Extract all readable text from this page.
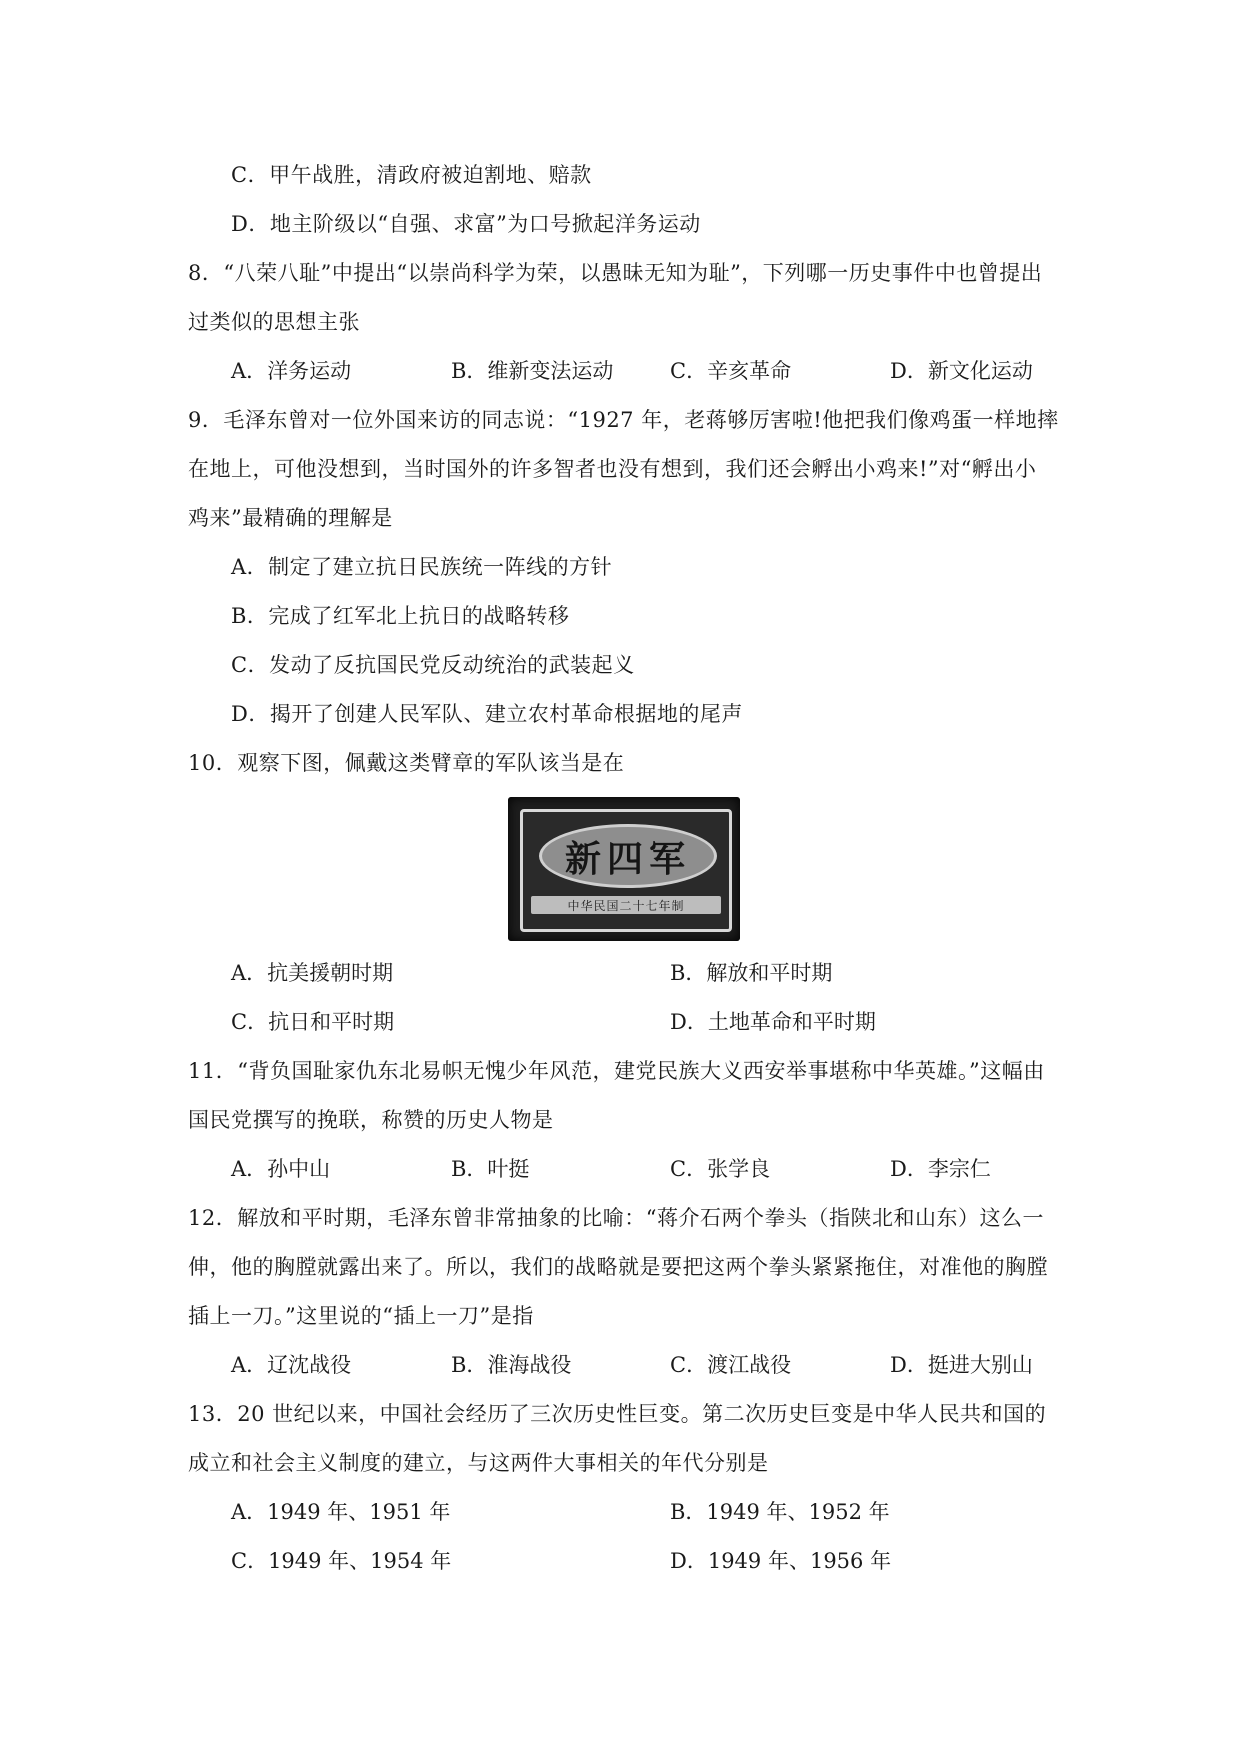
C．甲午战胜，清政府被迫割地、赔款
D．地主阶级以“自强、求富”为口号掀起洋务运动
8．“八荣八耻”中提出“以崇尚科学为荣，以愚昧无知为耻”，下列哪一历史事件中也曾提出
过类似的思想主张
A．洋务运动	B．维新变法运动	C．辛亥革命	D．新文化运动
9．毛泽东曾对一位外国来访的同志说：“1927 年，老蒋够厉害啦!他把我们像鸡蛋一样地摔
在地上，可他没想到，当时国外的许多智者也没有想到，我们还会孵出小鸡来!”对“孵出小
鸡来”最精确的理解是
A．制定了建立抗日民族统一阵线的方针
B．完成了红军北上抗日的战略转移
C．发动了反抗国民党反动统治的武装起义
D．揭开了创建人民军队、建立农村革命根据地的尾声
10．观察下图，佩戴这类臂章的军队该当是在
新四军
中华民国二十七年制
A．抗美援朝时期	B．解放和平时期
C．抗日和平时期	D．土地革命和平时期
11．“背负国耻家仇东北易帜无愧少年风范，建党民族大义西安举事堪称中华英雄。”这幅由
国民党撰写的挽联，称赞的历史人物是
A．孙中山	B．叶挺	C．张学良	D．李宗仁
12．解放和平时期，毛泽东曾非常抽象的比喻：“蒋介石两个拳头（指陕北和山东）这么一
伸，他的胸膛就露出来了。所以，我们的战略就是要把这两个拳头紧紧拖住，对准他的胸膛
插上一刀。”这里说的“插上一刀”是指
A．辽沈战役	B．淮海战役	C．渡江战役	D．挺进大别山
13．20 世纪以来，中国社会经历了三次历史性巨变。第二次历史巨变是中华人民共和国的
成立和社会主义制度的建立，与这两件大事相关的年代分别是
A．1949 年、1951 年	B．1949 年、1952 年
C．1949 年、1954 年	D．1949 年、1956 年
